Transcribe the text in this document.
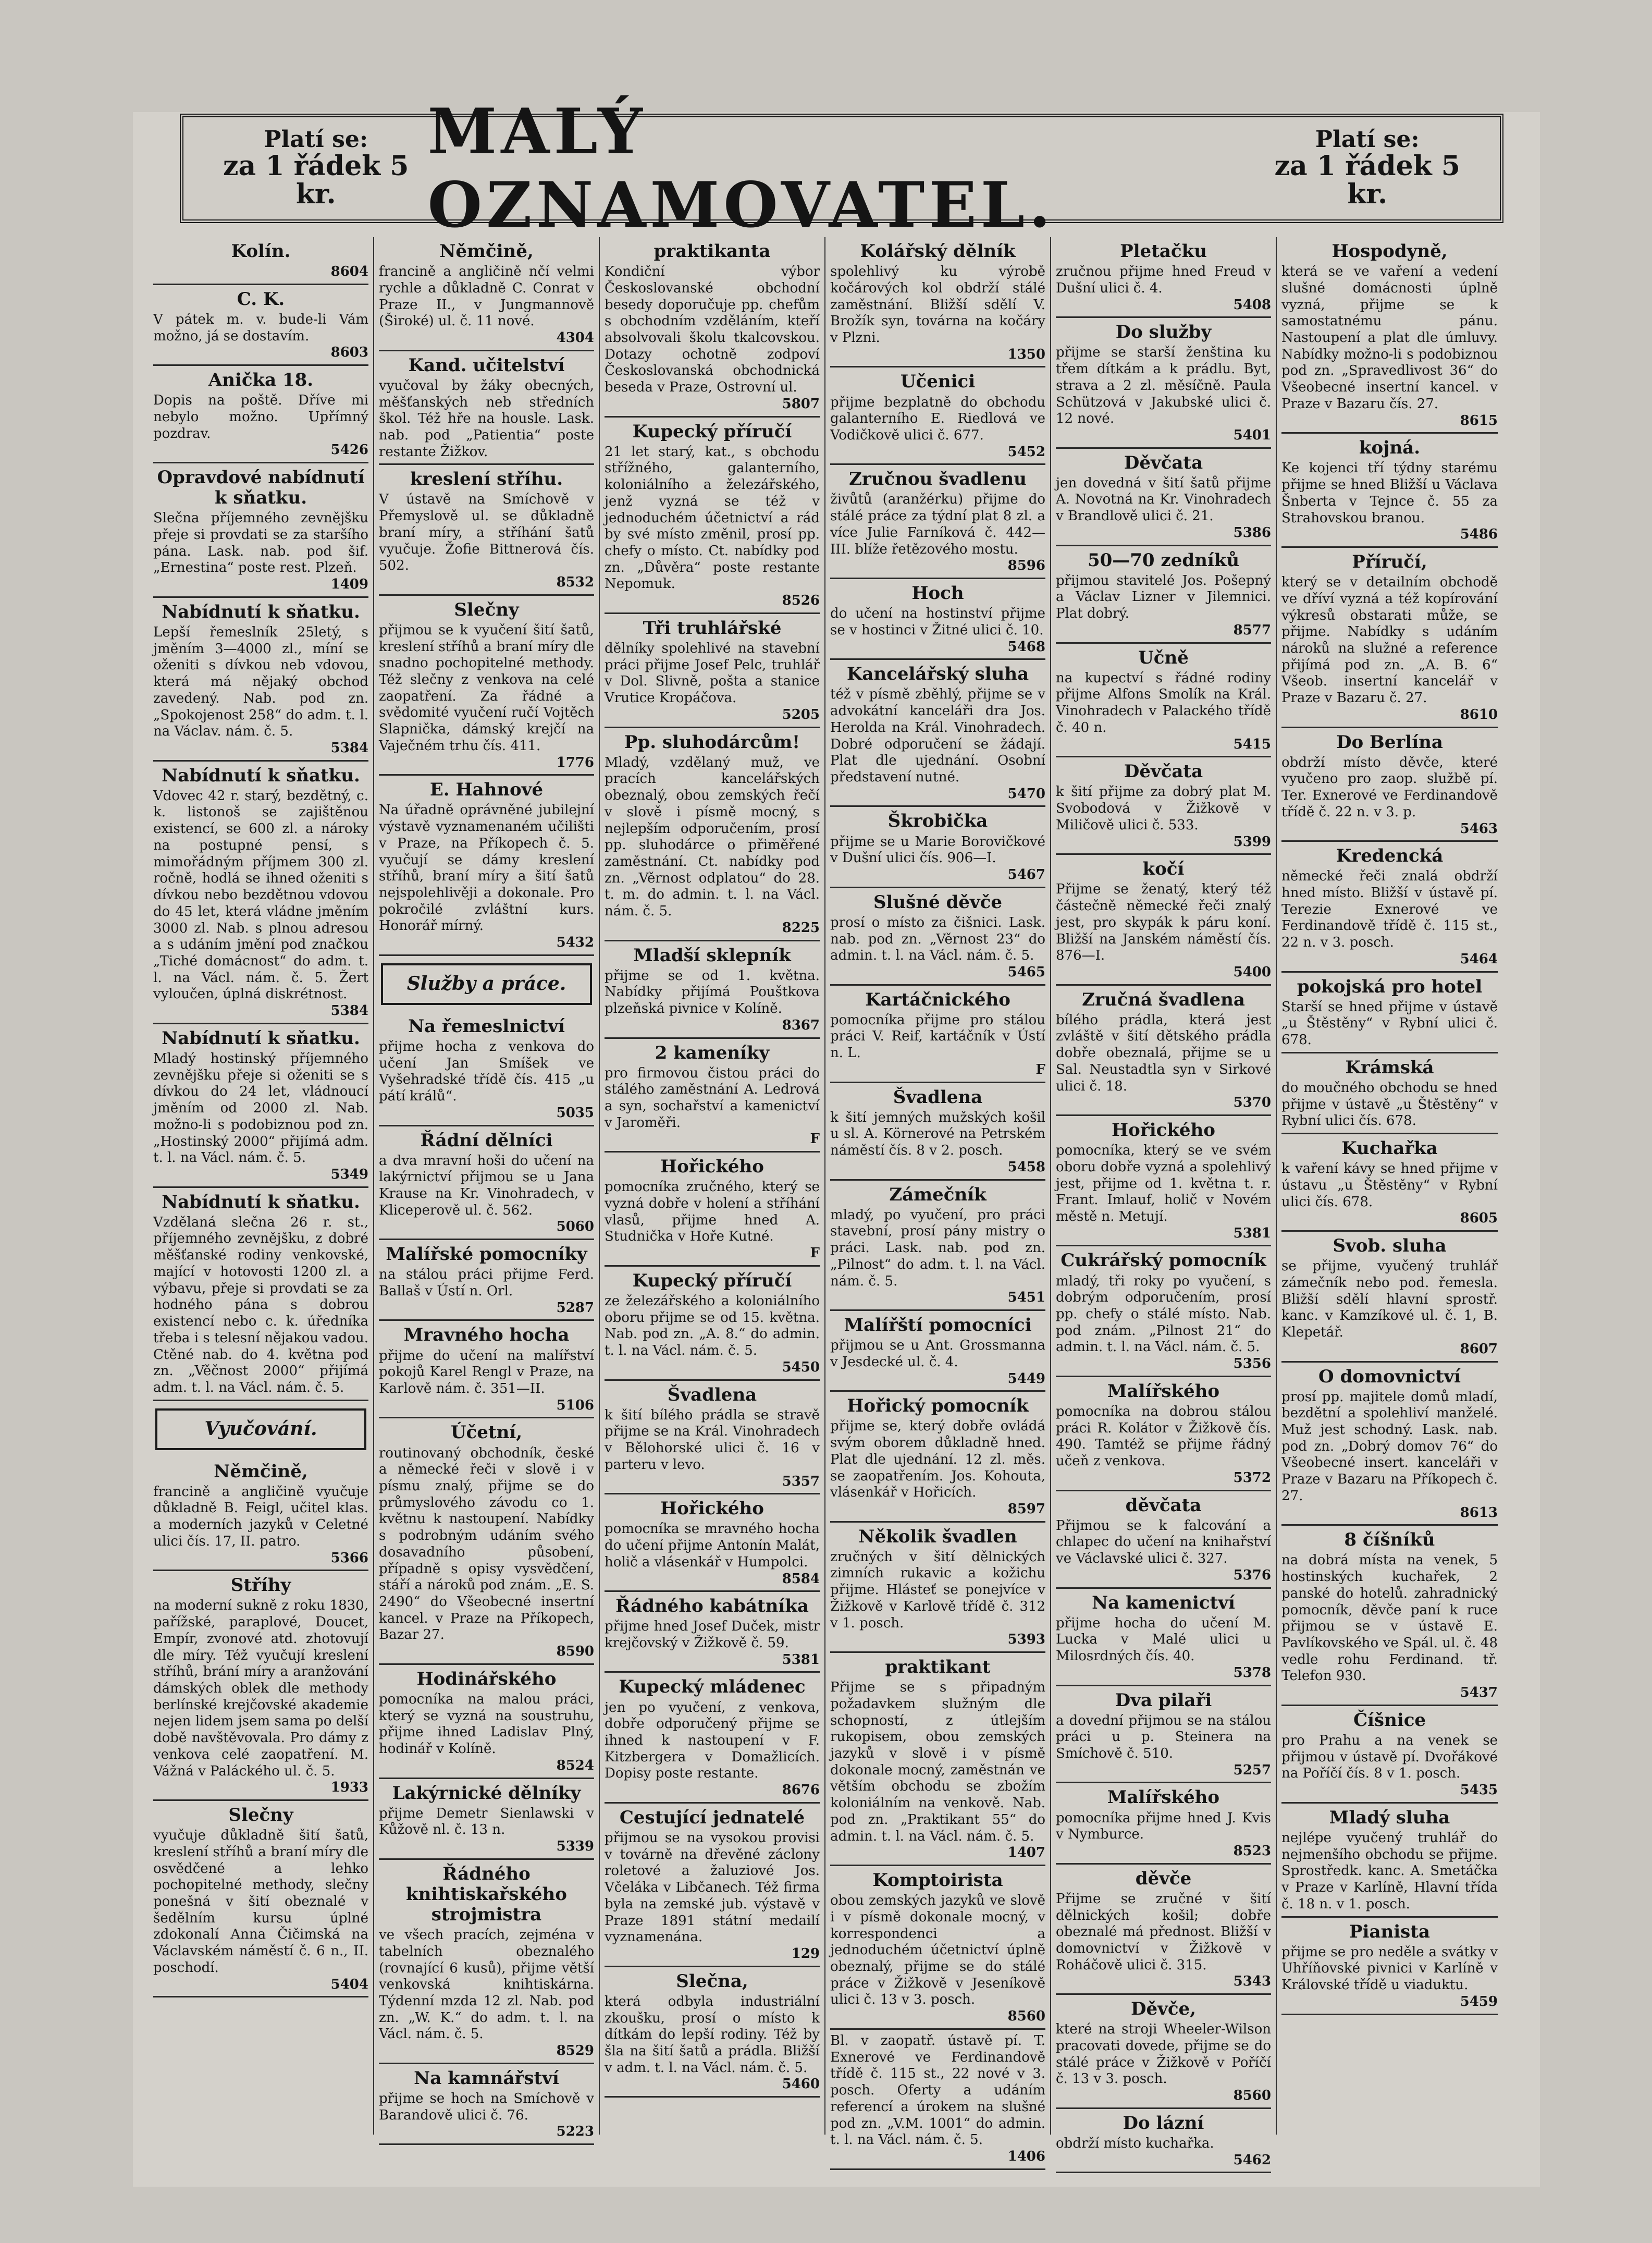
Platí se:
za 1 řádek 5 kr.
MALÝ OZNAMOVATEL.
Platí se:
za 1 řádek 5 kr.
Kolín.
8604
C. K.
V pátek m. v. bude-li Vám možno, já se dostavím.
8603
Anička 18.
Dopis na poště. Dříve mi nebylo možno. Upřímný pozdrav.
5426
Opravdové nabídnutí k sňatku.
Slečna příjemného zevnějšku přeje si provdati se za staršího pána. Lask. nab. pod šif. „Ernestina“ poste rest. Plzeň.
1409
Nabídnutí k sňatku.
Lepší řemeslník 25letý, s jměním 3—4000 zl., míní se oženiti s dívkou neb vdovou, která má nějaký obchod zavedený. Nab. pod zn. „Spokojenost 258“ do adm. t. l. na Václav. nám. č. 5.
5384
Nabídnutí k sňatku.
Vdovec 42 r. starý, bezdětný, c. k. listonoš se zajištěnou existencí, se 600 zl. a nároky na postupné pensí, s mimořádným příjmem 300 zl. ročně, hodlá se ihned oženiti s dívkou nebo bezdětnou vdovou do 45 let, která vládne jměním 3000 zl. Nab. s plnou adresou a s udáním jmění pod značkou „Tiché domácnost“ do adm. t. l. na Václ. nám. č. 5. Žert vyloučen, úplná diskrétnost.
5384
Nabídnutí k sňatku.
Mladý hostinský příjemného zevnějšku přeje si oženiti se s dívkou do 24 let, vládnoucí jměním od 2000 zl. Nab. možno-li s podobiznou pod zn. „Hostinský 2000“ přijímá adm. t. l. na Václ. nám. č. 5.
5349
Nabídnutí k sňatku.
Vzdělaná slečna 26 r. st., příjemného zevnějšku, z dobré měšťanské rodiny venkovské, mající v hotovosti 1200 zl. a výbavu, přeje si provdati se za hodného pána s dobrou existencí nebo c. k. úředníka třeba i s telesní nějakou vadou. Ctěné nab. do 4. května pod zn. „Věčnost 2000“ přijímá adm. t. l. na Václ. nám. č. 5.
Vyučování.
Němčině,
francině a angličině vyučuje důkladně B. Feigl, učitel klas. a moderních jazyků v Celetné ulici čís. 17, II. patro.
5366
Stříhy
na moderní sukně z roku 1830, pařížské, paraplové, Doucet, Empír, zvonové atd. zhotovují dle míry. Též vyučují kreslení stříhů, brání míry a aranžování dámských oblek dle methody berlínské krejčovské akademie nejen lidem jsem sama po delší době navštěvovala. Pro dámy z venkova celé zaopatření. M. Vážná v Paláckého ul. č. 5.
1933
Slečny
vyučuje důkladně šití šatů, kreslení stříhů a braní míry dle osvědčené a lehko pochopitelné methody, slečny ponešná v šití obeznalé v šedělním kursu úplné zdokonalí Anna Čičimská na Václavském náměstí č. 6 n., II. poschodí.
5404
Němčině,
francině a angličině nčí velmi rychle a důkladně C. Conrat v Praze II., v Jungmannově (Široké) ul. č. 11 nové.
4304
Kand. učitelství
vyučoval by žáky obecných, měšťanských neb středních škol. Též hře na housle. Lask. nab. pod „Patientia“ poste restante Žižkov.
kreslení stříhu.
V ústavě na Smíchově v Přemyslově ul. se důkladně braní míry, a stříhání šatů vyučuje. Žofie Bittnerová čís. 502.
8532
Slečny
přijmou se k vyučení šití šatů, kreslení stříhů a braní míry dle snadno pochopitelné methody. Též slečny z venkova na celé zaopatření. Za řádné a svědomité vyučení ručí Vojtěch Slapnička, dámský krejčí na Vaječném trhu čís. 411.
1776
E. Hahnové
Na úřadně oprávněné jubilejní výstavě vyznamenaném učilišti v Praze, na Příkopech č. 5. vyučují se dámy kreslení stříhů, braní míry a šití šatů nejspolehlivěji a dokonale. Pro pokročilé zvláštní kurs. Honorář mírný.
5432
Služby a práce.
Na řemeslnictví
přijme hocha z venkova do učení Jan Smíšek ve Vyšehradské třídě čís. 415 „u pátí králů“.
5035
Řádní dělníci
a dva mravní hoši do učení na lakýrnictví přijmou se u Jana Krause na Kr. Vinohradech, v Kliceperově ul. č. 562.
5060
Malířské pomocníky
na stálou práci přijme Ferd. Ballaš v Ústí n. Orl.
5287
Mravného hocha
přijme do učení na malířství pokojů Karel Rengl v Praze, na Karlově nám. č. 351—II.
5106
Účetní,
routinovaný obchodník, české a německé řeči v slově i v písmu znalý, přijme se do průmyslového závodu co 1. květnu k nastoupení. Nabídky s podrobným udáním svého dosavadního působení, případně s opisy vysvědčení, stáří a nároků pod znám. „E. S. 2490“ do Všeobecné insertní kancel. v Praze na Příkopech, Bazar 27.
8590
Hodinářského
pomocníka na malou práci, který se vyzná na soustruhu, přijme ihned Ladislav Plný, hodinář v Kolíně.
8524
Lakýrnické dělníky
přijme Demetr Sienlawski v Kůžově nl. č. 13 n.
5339
Řádného knihtiskařského strojmistra
ve všech pracích, zejména v tabelních obeznalého (rovnající 6 kusů), přijme větší venkovská knihtiskárna. Týdenní mzda 12 zl. Nab. pod zn. „W. K.“ do adm. t. l. na Václ. nám. č. 5.
8529
Na kamnářství
přijme se hoch na Smíchově v Barandově ulici č. 76.
5223
praktikanta
Kondiční výbor Českoslovanské obchodní besedy doporučuje pp. chefům s obchodním vzděláním, kteří absolvovali školu tkalcovskou. Dotazy ochotně zodpoví Českoslovanská obchodnická beseda v Praze, Ostrovní ul.
5807
Kupecký příručí
21 let starý, kat., s obchodu střížného, galanterního, koloniálního a železářského, jenž vyzná se též v jednoduchém účetnictví a rád by své místo změnil, prosí pp. chefy o místo. Ct. nabídky pod zn. „Důvěra“ poste restante Nepomuk.
8526
Tři truhlářské
dělníky spolehlivé na stavební práci přijme Josef Pelc, truhlář v Dol. Slivně, pošta a stanice Vrutice Kropáčova.
5205
Pp. sluhodárcům!
Mladý, vzdělaný muž, ve pracích kancelářských obeznalý, obou zemských řečí v slově i písmě mocný, s nejlepším odporučením, prosí pp. sluhodárce o přiměřené zaměstnání. Ct. nabídky pod zn. „Věrnost odplatou“ do 28. t. m. do admin. t. l. na Václ. nám. č. 5.
8225
Mladší sklepník
přijme se od 1. května. Nabídky přijímá Pouštkova plzeňská pivnice v Kolíně.
8367
2 kameníky
pro firmovou čistou práci do stálého zaměstnání A. Ledrová a syn, sochařství a kamenictví v Jaroměři.
F
Hořického
pomocníka zručného, který se vyzná dobře v holení a stříhání vlasů, přijme hned A. Studnička v Hoře Kutné.
F
Kupecký příručí
ze železářského a koloniálního oboru přijme se od 15. května. Nab. pod zn. „A. 8.“ do admin. t. l. na Václ. nám. č. 5.
5450
Švadlena
k šití bílého prádla se stravě přijme se na Král. Vinohradech v Bělohorské ulici č. 16 v parteru v levo.
5357
Hořického
pomocníka se mravného hocha do učení přijme Antonín Malát, holič a vlásenkář v Humpolci.
8584
Řádného kabátníka
přijme hned Josef Duček, mistr krejčovský v Žižkově č. 59.
5381
Kupecký mládenec
jen po vyučení, z venkova, dobře odporučený přijme se ihned k nastoupení v F. Kitzbergera v Domažlicích. Dopisy poste restante.
8676
Cestující jednatelé
přijmou se na vysokou provisi v továrně na dřevěné záclony roletové a žaluziové Jos. Včeláka v Libčanech. Též firma byla na zemské jub. výstavě v Praze 1891 státní medailí vyznamenána.
129
Slečna,
která odbyla industriální zkoušku, prosí o místo k dítkám do lepší rodiny. Též by šla na šití šatů a prádla. Bližší v adm. t. l. na Václ. nám. č. 5.
5460
Kolářský dělník
spolehlivý ku výrobě kočárových kol obdrží stálé zaměstnání. Bližší sdělí V. Brožík syn, továrna na kočáry v Plzni.
1350
Učenici
přijme bezplatně do obchodu galanterního E. Riedlová ve Vodičkově ulici č. 677.
5452
Zručnou švadlenu
živůtů (aranžérku) přijme do stálé práce za týdní plat 8 zl. a více Julie Farníková č. 442—III. blíže řetězového mostu.
8596
Hoch
do učení na hostinství přijme se v hostinci v Žitné ulici č. 10.
5468
Kancelářský sluha
též v písmě zběhlý, přijme se v advokátní kanceláři dra Jos. Herolda na Král. Vinohradech. Dobré odporučení se žádají. Plat dle ujednání. Osobní představení nutné.
5470
Škrobička
přijme se u Marie Borovičkové v Dušní ulici čís. 906—I.
5467
Slušné děvče
prosí o místo za čišnici. Lask. nab. pod zn. „Věrnost 23“ do admin. t. l. na Václ. nám. č. 5.
5465
Kartáčnického
pomocníka přijme pro stálou práci V. Reif, kartáčník v Ústí n. L.
F
Švadlena
k šití jemných mužských košil u sl. A. Körnerové na Petrském náměstí čís. 8 v 2. posch.
5458
Zámečník
mladý, po vyučení, pro práci stavební, prosí pány mistry o práci. Lask. nab. pod zn. „Pilnost“ do adm. t. l. na Václ. nám. č. 5.
5451
Malířští pomocníci
přijmou se u Ant. Grossmanna v Jesdecké ul. č. 4.
5449
Hořický pomocník
přijme se, který dobře ovládá svým oborem důkladně hned. Plat dle ujednání. 12 zl. měs. se zaopatřením. Jos. Kohouta, vlásenkář v Hořicích.
8597
Několik švadlen
zručných v šití dělnických zimních rukavic a kožichu přijme. Hlásteť se ponejvíce v Žižkově v Karlově třídě č. 312 v 1. posch.
5393
praktikant
Přijme se s připadným požadavkem služným dle schopností, z útlejším rukopisem, obou zemských jazyků v slově i v písmě dokonale mocný, zaměstnán ve větším obchodu se zbožím koloniálním na venkově. Nab. pod zn. „Praktikant 55“ do admin. t. l. na Václ. nám. č. 5.
1407
Komptoirista
obou zemských jazyků ve slově i v písmě dokonale mocný, v korrespondenci a jednoduchém účetnictví úplně obeznalý, přijme se do stálé práce v Žižkově v Jeseníkově ulici č. 13 v 3. posch.
8560
Bl. v zaopatř. ústavě pí. T. Exnerové ve Ferdinandově třídě č. 115 st., 22 nové v 3. posch. Oferty a udáním referencí a úrokem na slušné pod zn. „V.M. 1001“ do admin. t. l. na Václ. nám. č. 5.
1406
Pletačku
zručnou přijme hned Freud v Dušní ulici č. 4.
5408
Do služby
přijme se starší ženština ku třem dítkám a k prádlu. Byt, strava a 2 zl. měsíčně. Paula Schützová v Jakubské ulici č. 12 nové.
5401
Děvčata
jen dovedná v šití šatů přijme A. Novotná na Kr. Vinohradech v Brandlově ulici č. 21.
5386
50—70 zedníků
přijmou stavitelé Jos. Pošepný a Václav Lizner v Jilemnici. Plat dobrý.
8577
Učně
na kupectví s řádné rodiny přijme Alfons Smolík na Král. Vinohradech v Palackého třídě č. 40 n.
5415
Děvčata
k šití přijme za dobrý plat M. Svobodová v Žižkově v Miličově ulici č. 533.
5399
kočí
Přijme se ženatý, který též částečně německé řeči znalý jest, pro skypák k páru koní. Bližší na Janském náměstí čís. 876—I.
5400
Zručná švadlena
bílého prádla, která jest zvláště v šití dětského prádla dobře obeznalá, přijme se u Sal. Neustadtla syn v Sirkové ulici č. 18.
5370
Hořického
pomocníka, který se ve svém oboru dobře vyzná a spolehlivý jest, přijme od 1. května t. r. Frant. Imlauf, holič v Novém městě n. Metují.
5381
Cukrářský pomocník
mladý, tři roky po vyučení, s dobrým odporučením, prosí pp. chefy o stálé místo. Nab. pod znám. „Pilnost 21“ do admin. t. l. na Václ. nám. č. 5.
5356
Malířského
pomocníka na dobrou stálou práci R. Kolátor v Žižkově čís. 490. Tamtéž se přijme řádný učeň z venkova.
5372
děvčata
Přijmou se k falcování a chlapec do učení na knihařství ve Václavské ulici č. 327.
5376
Na kamenictví
přijme hocha do učení M. Lucka v Malé ulici u Milosrdných čís. 40.
5378
Dva pilaři
a dovední přijmou se na stálou práci u p. Steinera na Smíchově č. 510.
5257
Malířského
pomocníka přijme hned J. Kvis v Nymburce.
8523
děvče
Přijme se zručné v šití dělnických košil; dobře obeznalé má přednost. Bližší v domovnictví v Žižkově v Roháčově ulici č. 315.
5343
Děvče,
které na stroji Wheeler-Wilson pracovati dovede, přijme se do stálé práce v Žižkově v Poříčí č. 13 v 3. posch.
8560
Do lázní
obdrží místo kuchařka.
5462
Hospodyně,
která se ve vaření a vedení slušné domácnosti úplně vyzná, přijme se k samostatnému pánu. Nastoupení a plat dle úmluvy. Nabídky možno-li s podobiznou pod zn. „Spravedlivost 36“ do Všeobecné insertní kancel. v Praze v Bazaru čís. 27.
8615
kojná.
Ke kojenci tří týdny starému přijme se hned Bližší u Václava Šnberta v Tejnce č. 55 za Strahovskou branou.
5486
Příručí,
který se v detailním obchodě ve dříví vyzná a též kopírování výkresů obstarati může, se přijme. Nabídky s udáním nároků na služné a reference přijímá pod zn. „A. B. 6“ Všeob. insertní kancelář v Praze v Bazaru č. 27.
8610
Do Berlína
obdrží místo děvče, které vyučeno pro zaop. službě pí. Ter. Exnerové ve Ferdinandově třídě č. 22 n. v 3. p.
5463
Kredencká
německé řeči znalá obdrží hned místo. Bližší v ústavě pí. Terezie Exnerové ve Ferdinandově třídě č. 115 st., 22 n. v 3. posch.
5464
pokojská pro hotel
Starší se hned přijme v ústavě „u Štěstěny“ v Rybní ulici č. 678.
Krámská
do moučného obchodu se hned přijme v ústavě „u Štěstěny“ v Rybní ulici čís. 678.
Kuchařka
k vaření kávy se hned přijme v ústavu „u Štěstěny“ v Rybní ulici čís. 678.
8605
Svob. sluha
se přijme, vyučený truhlář zámečník nebo pod. řemesla. Bližší sdělí hlavní sprostř. kanc. v Kamzíkové ul. č. 1, B. Klepetář.
8607
O domovnictví
prosí pp. majitele domů mladí, bezdětní a spolehliví manželé. Muž jest schodný. Lask. nab. pod zn. „Dobrý domov 76“ do Všeobecné insert. kanceláři v Praze v Bazaru na Příkopech č. 27.
8613
8 číšníků
na dobrá místa na venek, 5 hostinských kuchařek, 2 panské do hotelů. zahradnický pomocník, děvče paní k ruce přijmou se v ústavě E. Pavlíkovského ve Spál. ul. č. 48 vedle rohu Ferdinand. tř. Telefon 930.
5437
Číšnice
pro Prahu a na venek se přijmou v ústavě pí. Dvořákové na Poříčí čís. 8 v 1. posch.
5435
Mladý sluha
nejlépe vyučený truhlář do nejmenšího obchodu se přijme. Sprostředk. kanc. A. Smetáčka v Praze v Karlíně, Hlavní třída č. 18 n. v 1. posch.
Pianista
přijme se pro neděle a svátky v Uhříňovské pivnici v Karlíně v Královské třídě u viaduktu.
5459
